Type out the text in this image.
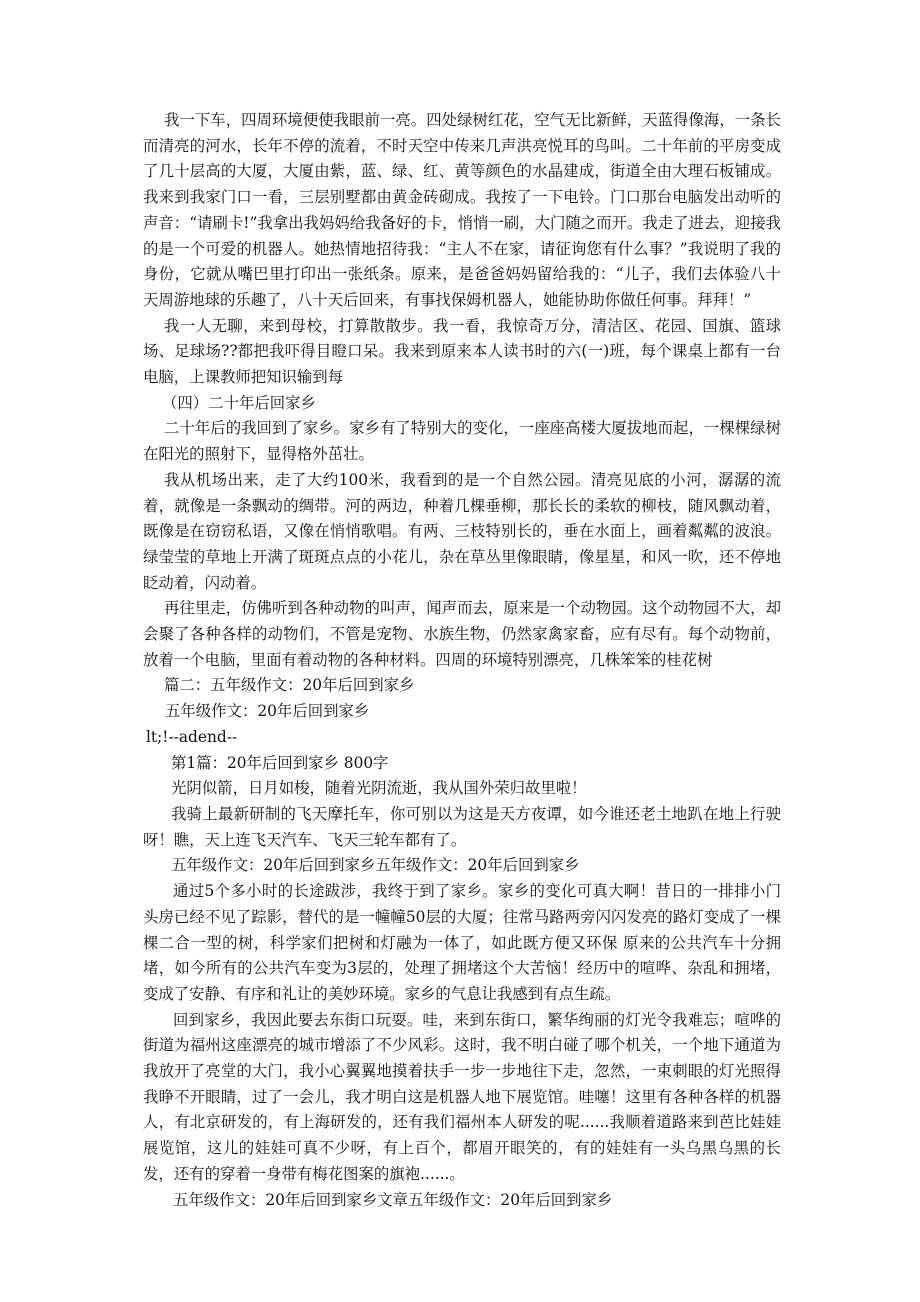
我一下车，四周环境便使我眼前一亮。四处绿树红花，空气无比新鲜，天蓝得像海，一条长而清亮的河水，长年不停的流着，不时天空中传来几声洪亮悦耳的鸟叫。二十年前的平房变成了几十层高的大厦，大厦由紫，蓝、绿、红、黄等颜色的水晶建成，街道全由大理石板铺成。我来到我家门口一看，三层别墅都由黄金砖砌成。我按了一下电铃。门口那台电脑发出动听的声音：“请刷卡!”我拿出我妈妈给我备好的卡，悄悄一刷，大门随之而开。我走了进去，迎接我的是一个可爱的机器人。她热情地招待我：“主人不在家，请征询您有什么事？”我说明了我的身份，它就从嘴巴里打印出一张纸条。原来，是爸爸妈妈留给我的：“儿子，我们去体验八十天周游地球的乐趣了，八十天后回来，有事找保姆机器人，她能协助你做任何事。拜拜！”

我一人无聊，来到母校，打算散散步。我一看，我惊奇万分，清洁区、花园、国旗、篮球场、足球场??都把我吓得目瞪口呆。我来到原来本人读书时的六(一)班，每个课桌上都有一台电脑，上课教师把知识输到每

（四）二十年后回家乡

二十年后的我回到了家乡。家乡有了特别大的变化，一座座高楼大厦拔地而起，一棵棵绿树在阳光的照射下，显得格外茁壮。

我从机场出来，走了大约100米，我看到的是一个自然公园。清亮见底的小河，潺潺的流着，就像是一条飘动的绸带。河的两边，种着几棵垂柳，那长长的柔软的柳枝，随风飘动着，既像是在窃窃私语，又像在悄悄歌唱。有两、三枝特别长的，垂在水面上，画着粼粼的波浪。绿莹莹的草地上开满了斑斑点点的小花儿，杂在草丛里像眼睛，像星星，和风一吹，还不停地眨动着，闪动着。

再往里走，仿佛听到各种动物的叫声，闻声而去，原来是一个动物园。这个动物园不大，却会聚了各种各样的动物们，不管是宠物、水族生物，仍然家禽家畜，应有尽有。每个动物前，放着一个电脑，里面有着动物的各种材料。四周的环境特别漂亮，几株笨笨的桂花树

篇二：五年级作文：20年后回到家乡

五年级作文：20年后回到家乡

lt;!--adend--

第1篇：20年后回到家乡 800字

光阴似箭，日月如梭，随着光阴流逝，我从国外荣归故里啦！

我骑上最新研制的飞天摩托车，你可别以为这是天方夜谭，如今谁还老土地趴在地上行驶呀！瞧，天上连飞天汽车、飞天三轮车都有了。

五年级作文：20年后回到家乡五年级作文：20年后回到家乡

通过5个多小时的长途跋涉，我终于到了家乡。家乡的变化可真大啊！昔日的一排排小门头房已经不见了踪影，替代的是一幢幢50层的大厦；往常马路两旁闪闪发亮的路灯变成了一棵棵二合一型的树，科学家们把树和灯融为一体了，如此既方便又环保 原来的公共汽车十分拥堵，如今所有的公共汽车变为3层的，处理了拥堵这个大苦恼！经历中的喧哗、杂乱和拥堵，变成了安静、有序和礼让的美妙环境。家乡的气息让我感到有点生疏。

回到家乡，我因此要去东街口玩耍。哇，来到东街口，繁华绚丽的灯光令我难忘；喧哗的街道为福州这座漂亮的城市增添了不少风彩。这时，我不明白碰了哪个机关，一个地下通道为我放开了亮堂的大门，我小心翼翼地摸着扶手一步一步地往下走，忽然，一束刺眼的灯光照得我睁不开眼睛，过了一会儿，我才明白这是机器人地下展览馆。哇噻！这里有各种各样的机器人，有北京研发的，有上海研发的，还有我们福州本人研发的呢......我顺着道路来到芭比娃娃展览馆，这儿的娃娃可真不少呀，有上百个，都眉开眼笑的，有的娃娃有一头乌黑乌黑的长发，还有的穿着一身带有梅花图案的旗袍......。

五年级作文：20年后回到家乡文章五年级作文：20年后回到家乡
